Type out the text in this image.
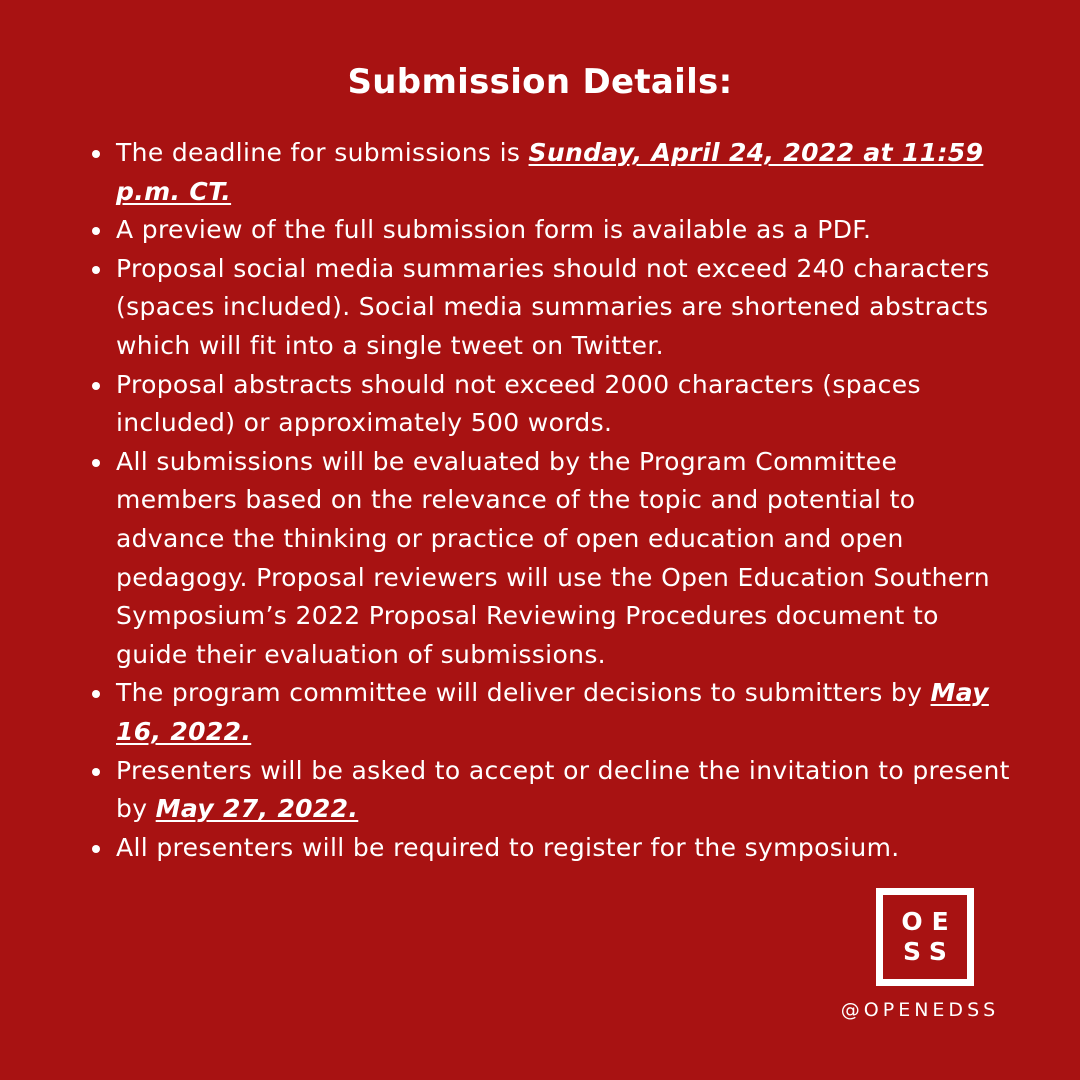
Submission Details:
The deadline for submissions is Sunday, April 24, 2022 at 11:59 p.m. CT.
A preview of the full submission form is available as a PDF.
Proposal social media summaries should not exceed 240 characters (spaces included). Social media summaries are shortened abstracts which will fit into a single tweet on Twitter.
Proposal abstracts should not exceed 2000 characters (spaces included) or approximately 500 words.
All submissions will be evaluated by the Program Committee members based on the relevance of the topic and potential to advance the thinking or practice of open education and open pedagogy. Proposal reviewers will use the Open Education Southern Symposium’s 2022 Proposal Reviewing Procedures document to guide their evaluation of submissions.
The program committee will deliver decisions to submitters by May 16, 2022.
Presenters will be asked to accept or decline the invitation to present by May 27, 2022.
All presenters will be required to register for the symposium.
OE
SS
@OPENEDSS
